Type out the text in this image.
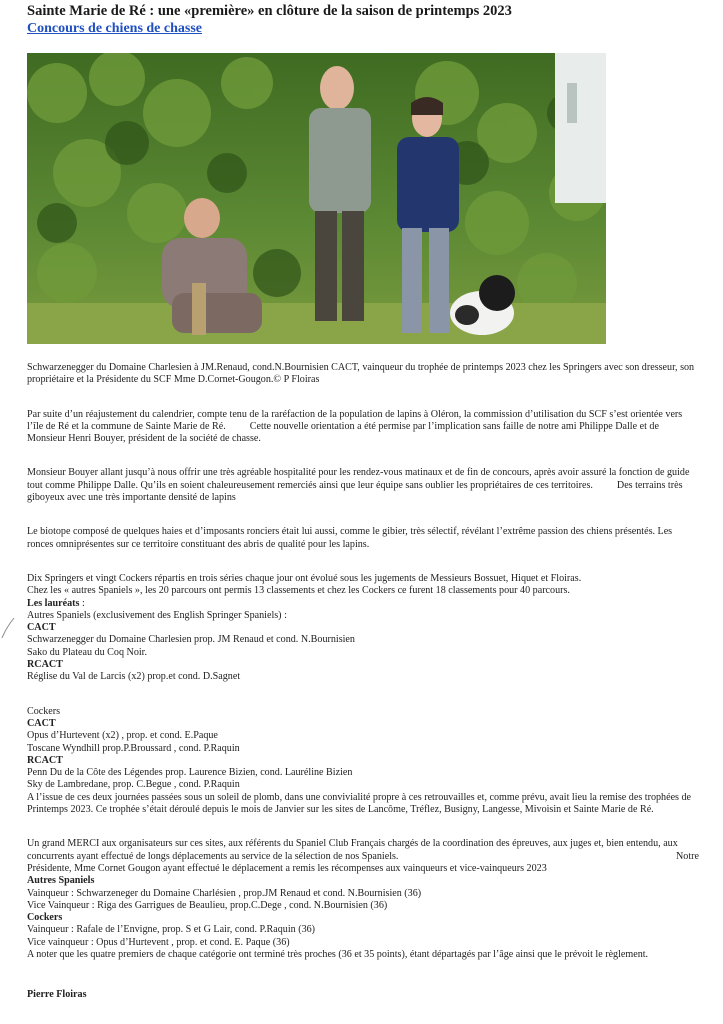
Sainte Marie de Ré : une «première» en clôture de la saison de printemps 2023
Concours de chiens de chasse

Schwarzenegger du Domaine Charlesien à JM.Renaud, cond.N.Bournisien CACT, vainqueur du trophée de printemps 2023 chez les Springers avec son dresseur, son propriétaire et la Présidente du SCF Mme D.Cornet-Gougon.© P Floiras

Par suite d’un réajustement du calendrier, compte tenu de la raréfaction de la population de lapins à Oléron, la commission d’utilisation du SCF s’est orientée vers l’île de Ré et la commune de Sainte Marie de Ré. Cette nouvelle orientation a été permise par l’implication sans faille de notre ami Philippe Dalle et de Monsieur Henri Bouyer, président de la société de chasse.

Monsieur Bouyer allant jusqu’à nous offrir une très agréable hospitalité pour les rendez-vous matinaux et de fin de concours, après avoir assuré la fonction de guide tout comme Philippe Dalle. Qu’ils en soient chaleureusement remerciés ainsi que leur équipe sans oublier les propriétaires de ces territoires. Des terrains très giboyeux avec une très importante densité de lapins

Le biotope composé de quelques haies et d’imposants ronciers était lui aussi, comme le gibier, très sélectif, révélant l’extrême passion des chiens présentés. Les ronces omniprésentes sur ce territoire constituant des abris de qualité pour les lapins.

Dix Springers et vingt Cockers répartis en trois séries chaque jour ont évolué sous les jugements de Messieurs Bossuet, Hiquet et Floiras.

Chez les « autres Spaniels », les 20 parcours ont permis 13 classements et chez les Cockers ce furent 18 classements pour 40 parcours.

Les lauréats :

Autres Spaniels (exclusivement des English Springer Spaniels) :

CACT

Schwarzenegger du Domaine Charlesien prop. JM Renaud et cond. N.Bournisien

Sako du Plateau du Coq Noir.

RCACT

Réglise du Val de Larcis (x2) prop.et cond. D.Sagnet

Cockers

CACT

Opus d’Hurtevent (x2) , prop. et cond. E.Paque

Toscane Wyndhill prop.P.Broussard , cond. P.Raquin

RCACT

Penn Du de la Côte des Légendes prop. Laurence Bizien, cond. Lauréline Bizien

Sky de Lambredane, prop. C.Begue , cond. P.Raquin

A l’issue de ces deux journées passées sous un soleil de plomb, dans une convivialité propre à ces retrouvailles et, comme prévu, avait lieu la remise des trophées de Printemps 2023. Ce trophée s’était déroulé depuis le mois de Janvier sur les sites de Lancôme, Tréflez, Busigny, Langesse, Mivoisin et Sainte Marie de Ré.

Un grand MERCI aux organisateurs sur ces sites, aux référents du Spaniel Club Français chargés de la coordination des épreuves, aux juges et, bien entendu, aux concurrents ayant effectué de longs déplacements au service de la sélection de nos Spaniels.	Notre

Présidente, Mme Cornet Gougon ayant effectué le déplacement a remis les récompenses aux vainqueurs et vice-vainqueurs 2023

Autres Spaniels

Vainqueur : Schwarzeneger du Domaine Charlésien , prop.JM Renaud et cond. N.Bournisien (36)

Vice Vainqueur : Riga des Garrigues de Beaulieu, prop.C.Dege , cond. N.Bournisien (36)

Cockers

Vainqueur : Rafale de l’Envigne, prop. S et G Lair, cond. P.Raquin (36)

Vice vainqueur : Opus d’Hurtevent , prop. et cond. E. Paque (36)

A noter que les quatre premiers de chaque catégorie ont terminé très proches (36 et 35 points), étant départagés par l’âge ainsi que le prévoit le règlement.

Pierre Floiras
